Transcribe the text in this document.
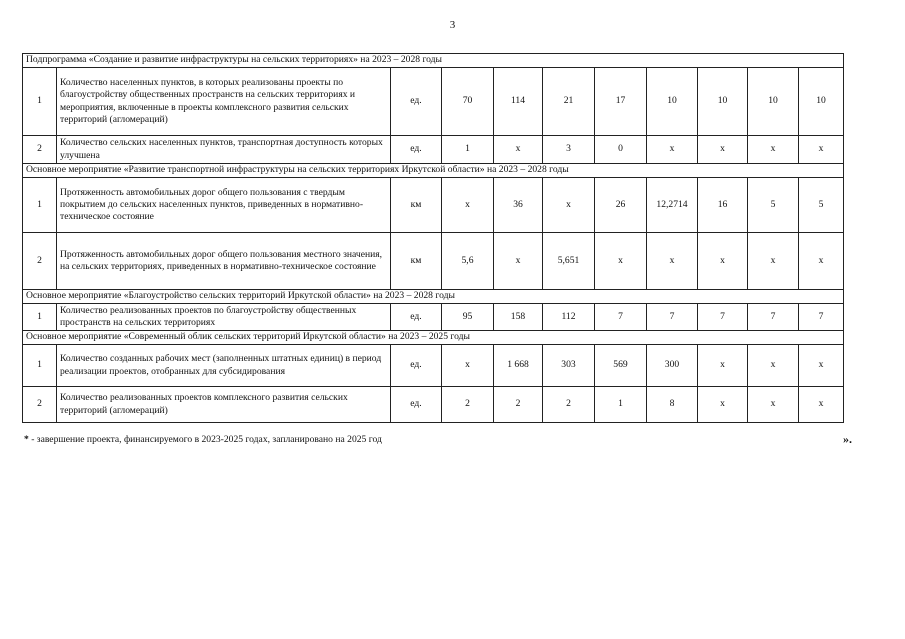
3
Подпрограмма «Создание и развитие инфраструктуры на сельских территориях» на 2023 – 2028 годы										
1	Количество населенных пунктов, в которых реализованы проекты по благоустройству общественных пространств на сельских территориях и мероприятия, включенные в проекты комплексного развития сельских территорий (агломераций)	ед.	70	114	21	17	10	10	10	10
2	Количество сельских населенных пунктов, транспортная доступность которых улучшена	ед.	1	x	3	0	x	x	x	x
Основное мероприятие «Развитие транспортной инфраструктуры на сельских территориях Иркутской области» на 2023 – 2028 годы										
1	Протяженность автомобильных дорог общего пользования с твердым покрытием до сельских населенных пунктов, приведенных в нормативно-техническое состояние	км	x	36	x	26	12,2714	16	5	5
2	Протяженность автомобильных дорог общего пользования местного значения, на сельских территориях, приведенных в нормативно-техническое состояние	км	5,6	x	5,651	x	x	x	x	x
Основное мероприятие «Благоустройство сельских территорий Иркутской области» на 2023 – 2028 годы										
1	Количество реализованных проектов по благоустройству общественных пространств на сельских территориях	ед.	95	158	112	7	7	7	7	7
Основное мероприятие «Современный облик сельских территорий Иркутской области» на 2023 – 2025 годы										
1	Количество созданных рабочих мест (заполненных штатных единиц) в период реализации проектов, отобранных для субсидирования	ед.	x	1 668	303	569	300	x	x	x
2	Количество реализованных проектов комплексного развития сельских территорий (агломераций)	ед.	2	2	2	1	8	x	x	x
* - завершение проекта, финансируемого в 2023-2025 годах, запланировано на 2025 год	».
